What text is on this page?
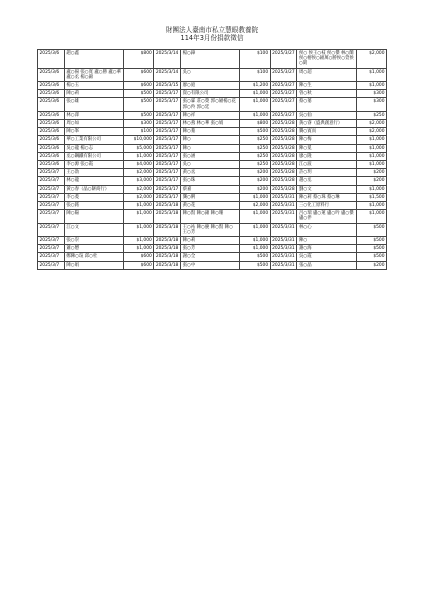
財團法人臺南市私立慧眼教養院
114年3月份捐款徵信
2025/3/6	趙○鑫	$800	2025/3/14	楊○鋒	$100	2025/3/27	侯○ 侯王○枝 侯○傑 林○蘭 侯○榕侯○穎萬○勝侯○萱侯○閎	$2,000
2025/3/6	盧○揚 張○寬 盧○勝 盧○華 盧○丞 楊○錦	$600	2025/3/14	吳○	$100	2025/3/27	周○超	$1,000
2025/3/6	楊○玉	$600	2025/3/15	廖○庭	$1,200	2025/3/27	陳○生	$1,000
2025/3/6	陳○莉	$500	2025/3/17	資○有限公司	$1,000	2025/3/27	曾○秋	$300
2025/3/6	張○雄	$500	2025/3/17	張○霖 莊○榮 郭○穎楊○花 郭○羚 郭○廷	$1,000	2025/3/27	蔡○蓁	$300
2025/3/6	林○澤	$500	2025/3/17	陳○祥	$1,000	2025/3/27	吳○仙	$250
2025/3/6	周○如	$300	2025/3/17	林○燕 林○華 張○娟	$800	2025/3/28	黃○睿（盛典創意行）	$2,000
2025/3/6	陳○峯	$100	2025/3/17	陳○蓁	$500	2025/3/28	龔○賓而	$2,000
2025/3/6	華○工業有限公司	$10,000	2025/3/17	陳○	$250	2025/3/28	陳○梅	$1,000
2025/3/6	吳○龍 楊○志	$5,000	2025/3/17	陳○	$250	2025/3/28	陳○冕	$1,000
2025/3/6	丞○鋼鐵有限公司	$1,000	2025/3/17	張○涵	$250	2025/3/28	廖○隆	$1,000
2025/3/6	李○源 張○霞	$4,000	2025/3/17	吳○	$250	2025/3/28	江○波	$1,000
2025/3/7	王○劭	$2,000	2025/3/17	黃○丞	$200	2025/3/28	許○玥	$200
2025/3/7	林○龍	$3,000	2025/3/17	張○珠	$200	2025/3/28	趙○丞	$200
2025/3/7	黃○春（晶○餅商行）	$2,000	2025/3/17	蔡嘉	$200	2025/3/28	劉○文	$1,000
2025/3/7	李○菱	$2,000	2025/3/17	龔○俐	$1,000	2025/3/31	陳○莉 蔡○珠 蔡○琳	$1,500
2025/3/7	張○銘	$1,000	2025/3/18	黃○花	$2,000	2025/3/31	三○化工原料行	$1,000
2025/3/7	陳○陽	$1,000	2025/3/18	陳○賢 陳○錦 陳○珊	$1,000	2025/3/31	呂○瑞 盧○蓮 盧○吟 盧○傑 盧○伴	$1,000
2025/3/7	江○文	$1,000	2025/3/18	王○祐 陳○慶 陳○賢 陳○ 王○芳	$1,000	2025/3/31	林○心	$500
2025/3/7	張○崇	$1,000	2025/3/18	陳○莉	$1,000	2025/3/31	陳○	$500
2025/3/7	蕭○懋	$1,000	2025/3/18	張○芳	$1,000	2025/3/31	謝○海	$500
2025/3/7	鄭陳○瑄 邱○杜	$600	2025/3/18	謝○全	$500	2025/3/31	吳○霞	$500
2025/3/7	陳○娟	$600	2025/3/18	張○中	$500	2025/3/31	張○晶	$200
